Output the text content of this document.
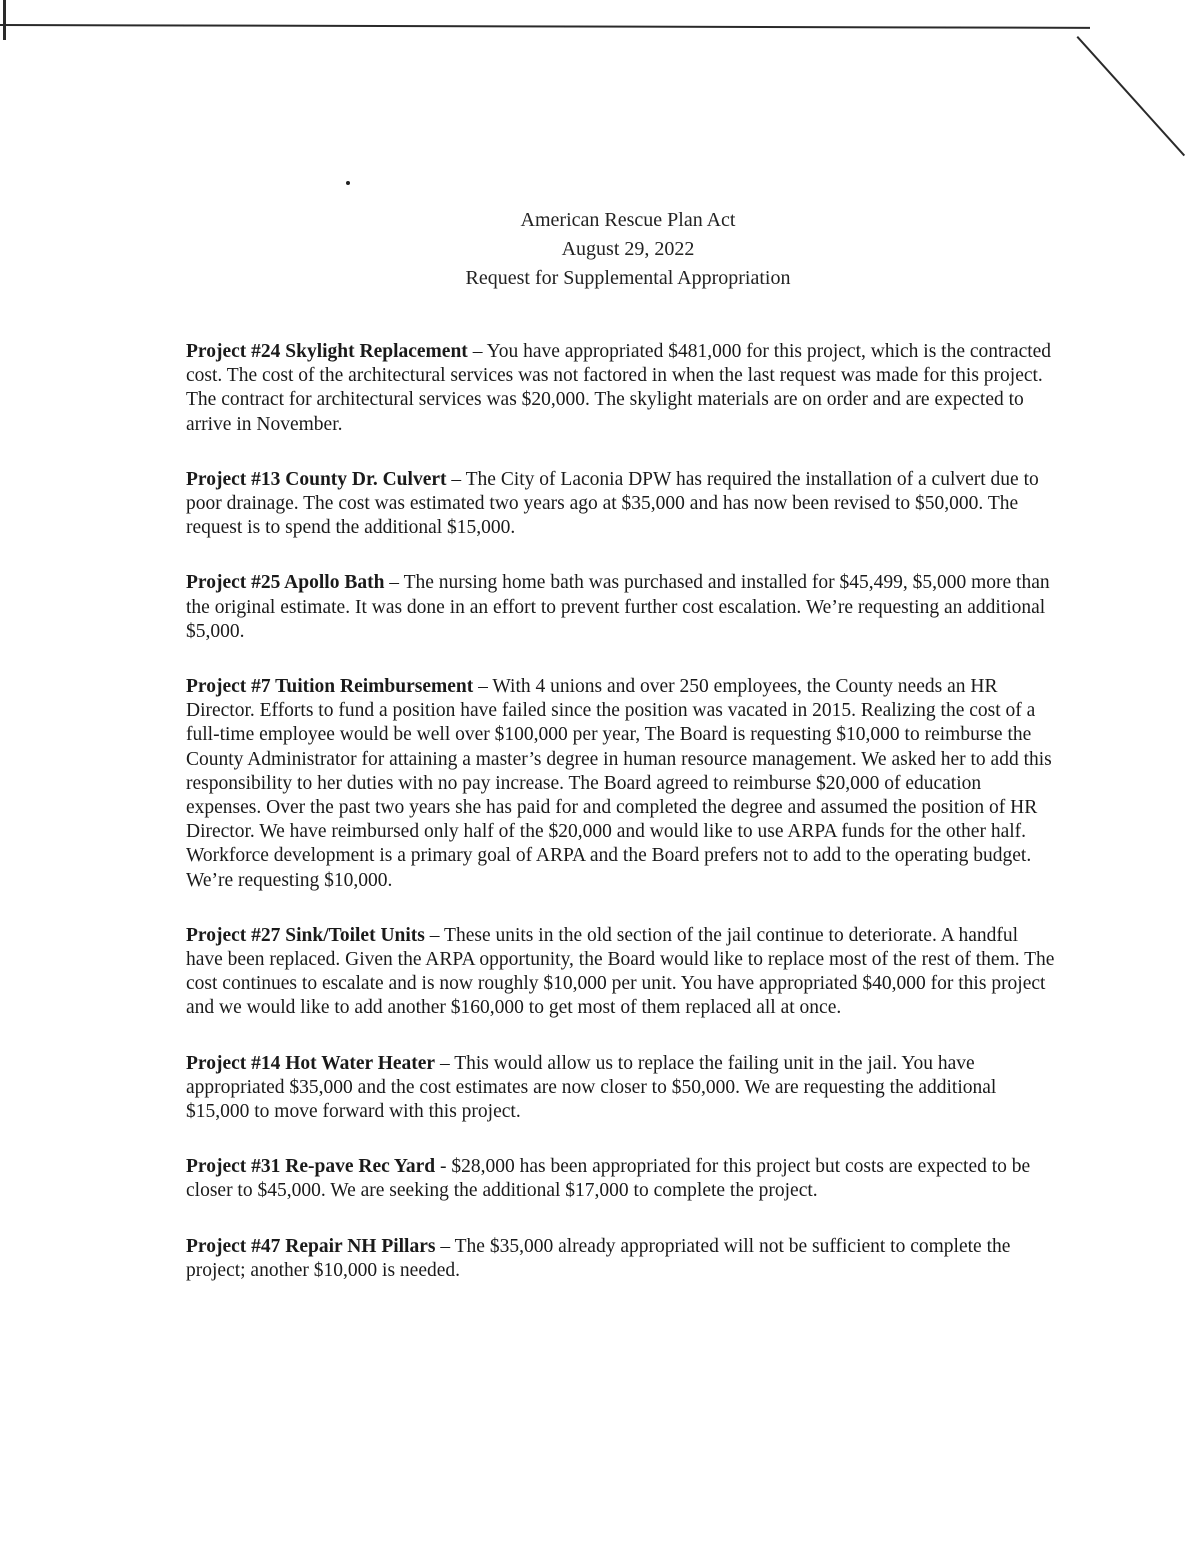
American Rescue Plan Act
August 29, 2022
Request for Supplemental Appropriation

Project #24 Skylight Replacement – You have appropriated $481,000 for this project, which is the contracted cost. The cost of the architectural services was not factored in when the last request was made for this project. The contract for architectural services was $20,000. The skylight materials are on order and are expected to arrive in November.

Project #13 County Dr. Culvert – The City of Laconia DPW has required the installation of a culvert due to poor drainage. The cost was estimated two years ago at $35,000 and has now been revised to $50,000. The request is to spend the additional $15,000.

Project #25 Apollo Bath – The nursing home bath was purchased and installed for $45,499, $5,000 more than the original estimate. It was done in an effort to prevent further cost escalation. We’re requesting an additional $5,000.

Project #7 Tuition Reimbursement – With 4 unions and over 250 employees, the County needs an HR Director. Efforts to fund a position have failed since the position was vacated in 2015. Realizing the cost of a full-time employee would be well over $100,000 per year, The Board is requesting $10,000 to reimburse the County Administrator for attaining a master’s degree in human resource management. We asked her to add this responsibility to her duties with no pay increase. The Board agreed to reimburse $20,000 of education expenses. Over the past two years she has paid for and completed the degree and assumed the position of HR Director. We have reimbursed only half of the $20,000 and would like to use ARPA funds for the other half. Workforce development is a primary goal of ARPA and the Board prefers not to add to the operating budget. We’re requesting $10,000.

Project #27 Sink/Toilet Units – These units in the old section of the jail continue to deteriorate. A handful have been replaced. Given the ARPA opportunity, the Board would like to replace most of the rest of them. The cost continues to escalate and is now roughly $10,000 per unit. You have appropriated $40,000 for this project and we would like to add another $160,000 to get most of them replaced all at once.

Project #14 Hot Water Heater – This would allow us to replace the failing unit in the jail. You have appropriated $35,000 and the cost estimates are now closer to $50,000. We are requesting the additional $15,000 to move forward with this project.

Project #31 Re-pave Rec Yard - $28,000 has been appropriated for this project but costs are expected to be closer to $45,000. We are seeking the additional $17,000 to complete the project.

Project #47 Repair NH Pillars – The $35,000 already appropriated will not be sufficient to complete the project; another $10,000 is needed.
